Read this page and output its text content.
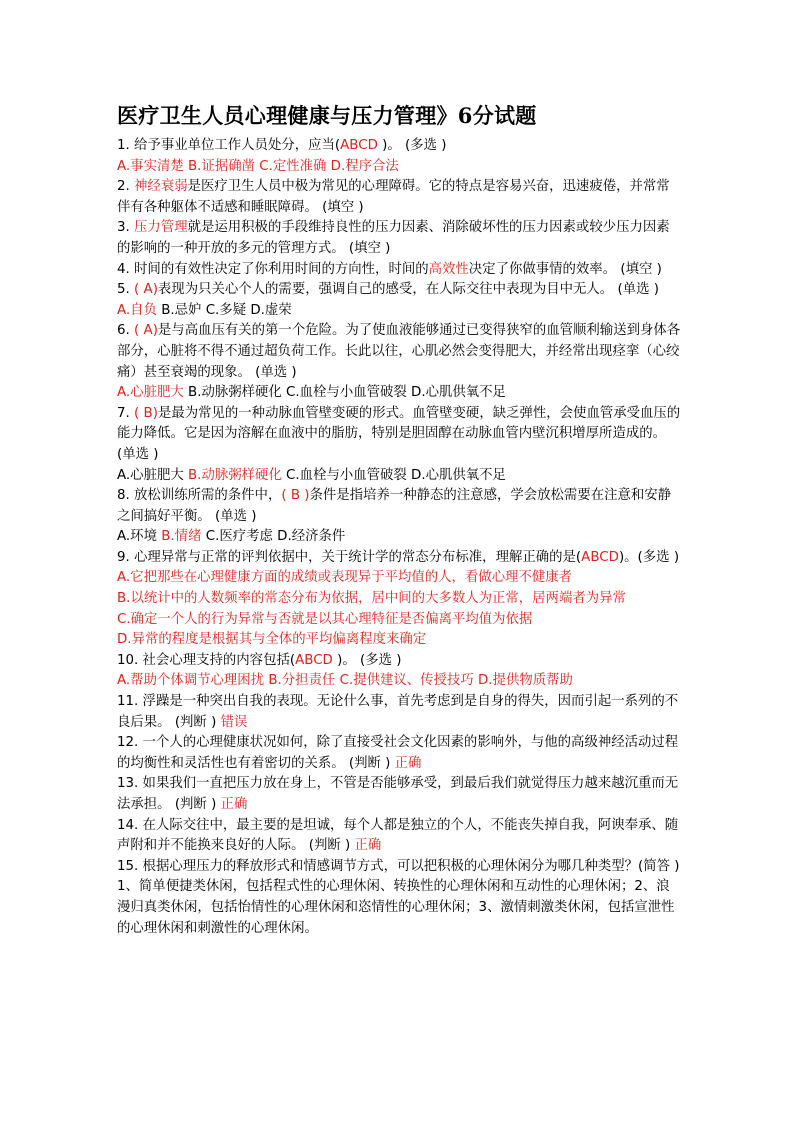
医疗卫生人员心理健康与压力管理》6分试题

1. 给予事业单位工作人员处分，应当(ABCD )。 (多选 )

A.事实清楚 B.证据确凿 C.定性准确 D.程序合法

2. 神经衰弱是医疗卫生人员中极为常见的心理障碍。它的特点是容易兴奋，迅速疲倦，并常常伴有各种躯体不适感和睡眠障碍。 (填空 )

3. 压力管理就是运用积极的手段维持良性的压力因素、消除破坏性的压力因素或较少压力因素的影响的一种开放的多元的管理方式。 (填空 )

4. 时间的有效性决定了你利用时间的方向性，时间的高效性决定了你做事情的效率。 (填空 )

5. ( A)表现为只关心个人的需要，强调自己的感受，在人际交往中表现为目中无人。 (单选 )

A.自负 B.忌妒 C.多疑 D.虚荣

6. ( A)是与高血压有关的第一个危险。为了使血液能够通过已变得狭窄的血管顺利输送到身体各部分，心脏将不得不通过超负荷工作。长此以往，心肌必然会变得肥大，并经常出现痉挛（心绞痛）甚至衰竭的现象。 (单选 )

A.心脏肥大 B.动脉粥样硬化 C.血栓与小血管破裂 D.心肌供氧不足

7. ( B)是最为常见的一种动脉血管壁变硬的形式。血管壁变硬，缺乏弹性，会使血管承受血压的能力降低。它是因为溶解在血液中的脂肪，特别是胆固醇在动脉血管内壁沉积增厚所造成的。 (单选 )

A.心脏肥大 B.动脉粥样硬化 C.血栓与小血管破裂 D.心肌供氧不足

8. 放松训练所需的条件中，( B )条件是指培养一种静态的注意感，学会放松需要在注意和安静之间搞好平衡。 (单选 )

A.环境 B.情绪 C.医疗考虑 D.经济条件

9. 心理异常与正常的评判依据中，关于统计学的常态分布标准，理解正确的是(ABCD)。(多选 )

A.它把那些在心理健康方面的成绩或表现异于平均值的人，看做心理不健康者

B.以统计中的人数频率的常态分布为依据，居中间的大多数人为正常，居两端者为异常

C.确定一个人的行为异常与否就是以其心理特征是否偏离平均值为依据

D.异常的程度是根据其与全体的平均偏离程度来确定

10. 社会心理支持的内容包括(ABCD )。 (多选 )

A.帮助个体调节心理困扰 B.分担责任 C.提供建议、传授技巧 D.提供物质帮助

11. 浮躁是一种突出自我的表现。无论什么事，首先考虑到是自身的得失，因而引起一系列的不良后果。 (判断 ) 错误

12. 一个人的心理健康状况如何，除了直接受社会文化因素的影响外，与他的高级神经活动过程的均衡性和灵活性也有着密切的关系。 (判断 ) 正确

13. 如果我们一直把压力放在身上，不管是否能够承受，到最后我们就觉得压力越来越沉重而无法承担。 (判断 ) 正确

14. 在人际交往中，最主要的是坦诚，每个人都是独立的个人，不能丧失掉自我，阿谀奉承、随声附和并不能换来良好的人际。 (判断 ) 正确

15. 根据心理压力的释放形式和情感调节方式，可以把积极的心理休闲分为哪几种类型？(简答 )

1、简单便捷类休闲，包括程式性的心理休闲、转换性的心理休闲和互动性的心理休闲；2、浪漫归真类休闲，包括怡情性的心理休闲和恣情性的心理休闲；3、激情刺激类休闲，包括宣泄性的心理休闲和刺激性的心理休闲。
